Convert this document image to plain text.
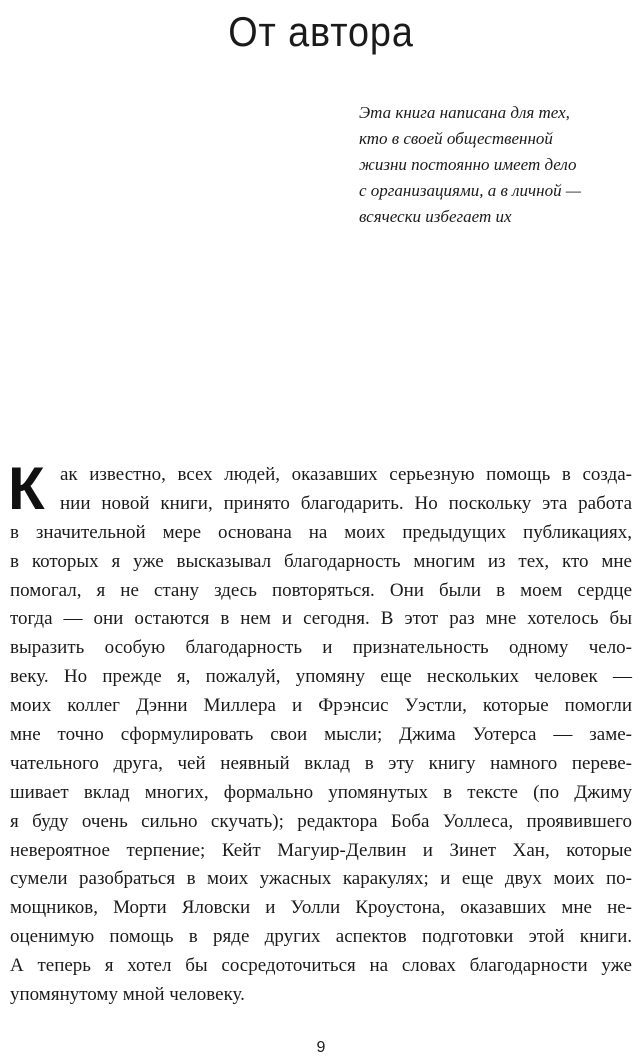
От автора
Эта книга написана для тех,
кто в своей общественной
жизни постоянно имеет дело
с организациями, а в личной —
всячески избегает их
К ак известно, всех людей, оказавших серьезную помощь в созда-
нии новой книги, принято благодарить. Но поскольку эта работа
в значительной мере основана на моих предыдущих публикациях,
в которых я уже высказывал благодарность многим из тех, кто мне
помогал, я не стану здесь повторяться. Они были в моем сердце
тогда — они остаются в нем и сегодня. В этот раз мне хотелось бы
выразить особую благодарность и признательность одному чело-
веку. Но прежде я, пожалуй, упомяну еще нескольких человек —
моих коллег Дэнни Миллера и Фрэнсис Уэстли, которые помогли
мне точно сформулировать свои мысли; Джима Уотерса — заме-
чательного друга, чей неявный вклад в эту книгу намного переве-
шивает вклад многих, формально упомянутых в тексте (по Джиму
я буду очень сильно скучать); редактора Боба Уоллеса, проявившего
невероятное терпение; Кейт Магуир-Делвин и Зинет Хан, которые
сумели разобраться в моих ужасных каракулях; и еще двух моих по-
мощников, Морти Яловски и Уолли Кроустона, оказавших мне не-
оценимую помощь в ряде других аспектов подготовки этой книги.
А теперь я хотел бы сосредоточиться на словах благодарности уже
упомянутому мной человеку.
9
